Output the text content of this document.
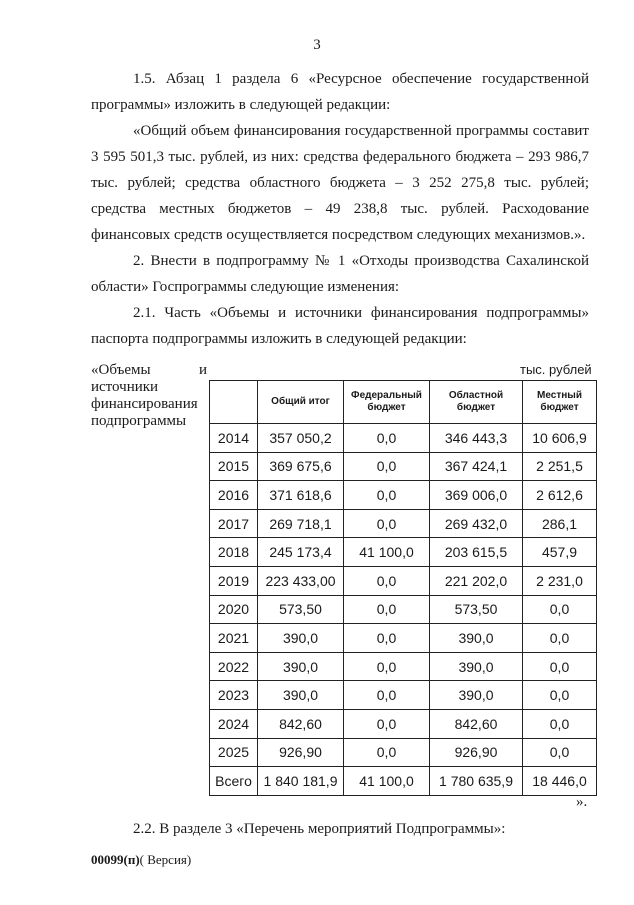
3

1.5. Абзац 1 раздела 6 «Ресурсное обеспечение государственной программы» изложить в следующей редакции:

«Общий объем финансирования государственной программы составит 3 595 501,3 тыс. рублей, из них: средства федерального бюджета – 293 986,7 тыс. рублей; средства областного бюджета – 3 252 275,8 тыс. рублей; средства местных бюджетов – 49 238,8 тыс. рублей. Расходование финансовых средств осуществляется посредством следующих механизмов.».

2. Внести в подпрограмму № 1 «Отходы производства Сахалинской области» Госпрограммы следующие изменения:

2.1. Часть «Объемы и источники финансирования подпрограммы» паспорта подпрограммы изложить в следующей редакции:

«Объемы	и
источники
финансирования
подпрограммы
тыс. рублей
	Общий итог	Федеральный бюджет	Областной бюджет	Местный бюджет
2014	357 050,2	0,0	346 443,3	10 606,9
2015	369 675,6	0,0	367 424,1	2 251,5
2016	371 618,6	0,0	369 006,0	2 612,6
2017	269 718,1	0,0	269 432,0	286,1
2018	245 173,4	41 100,0	203 615,5	457,9
2019	223 433,00	0,0	221 202,0	2 231,0
2020	573,50	0,0	573,50	0,0
2021	390,0	0,0	390,0	0,0
2022	390,0	0,0	390,0	0,0
2023	390,0	0,0	390,0	0,0
2024	842,60	0,0	842,60	0,0
2025	926,90	0,0	926,90	0,0
Всего	1 840 181,9	41 100,0	1 780 635,9	18 446,0
».

2.2. В разделе 3 «Перечень мероприятий Подпрограммы»:

00099(п)( Версия)
